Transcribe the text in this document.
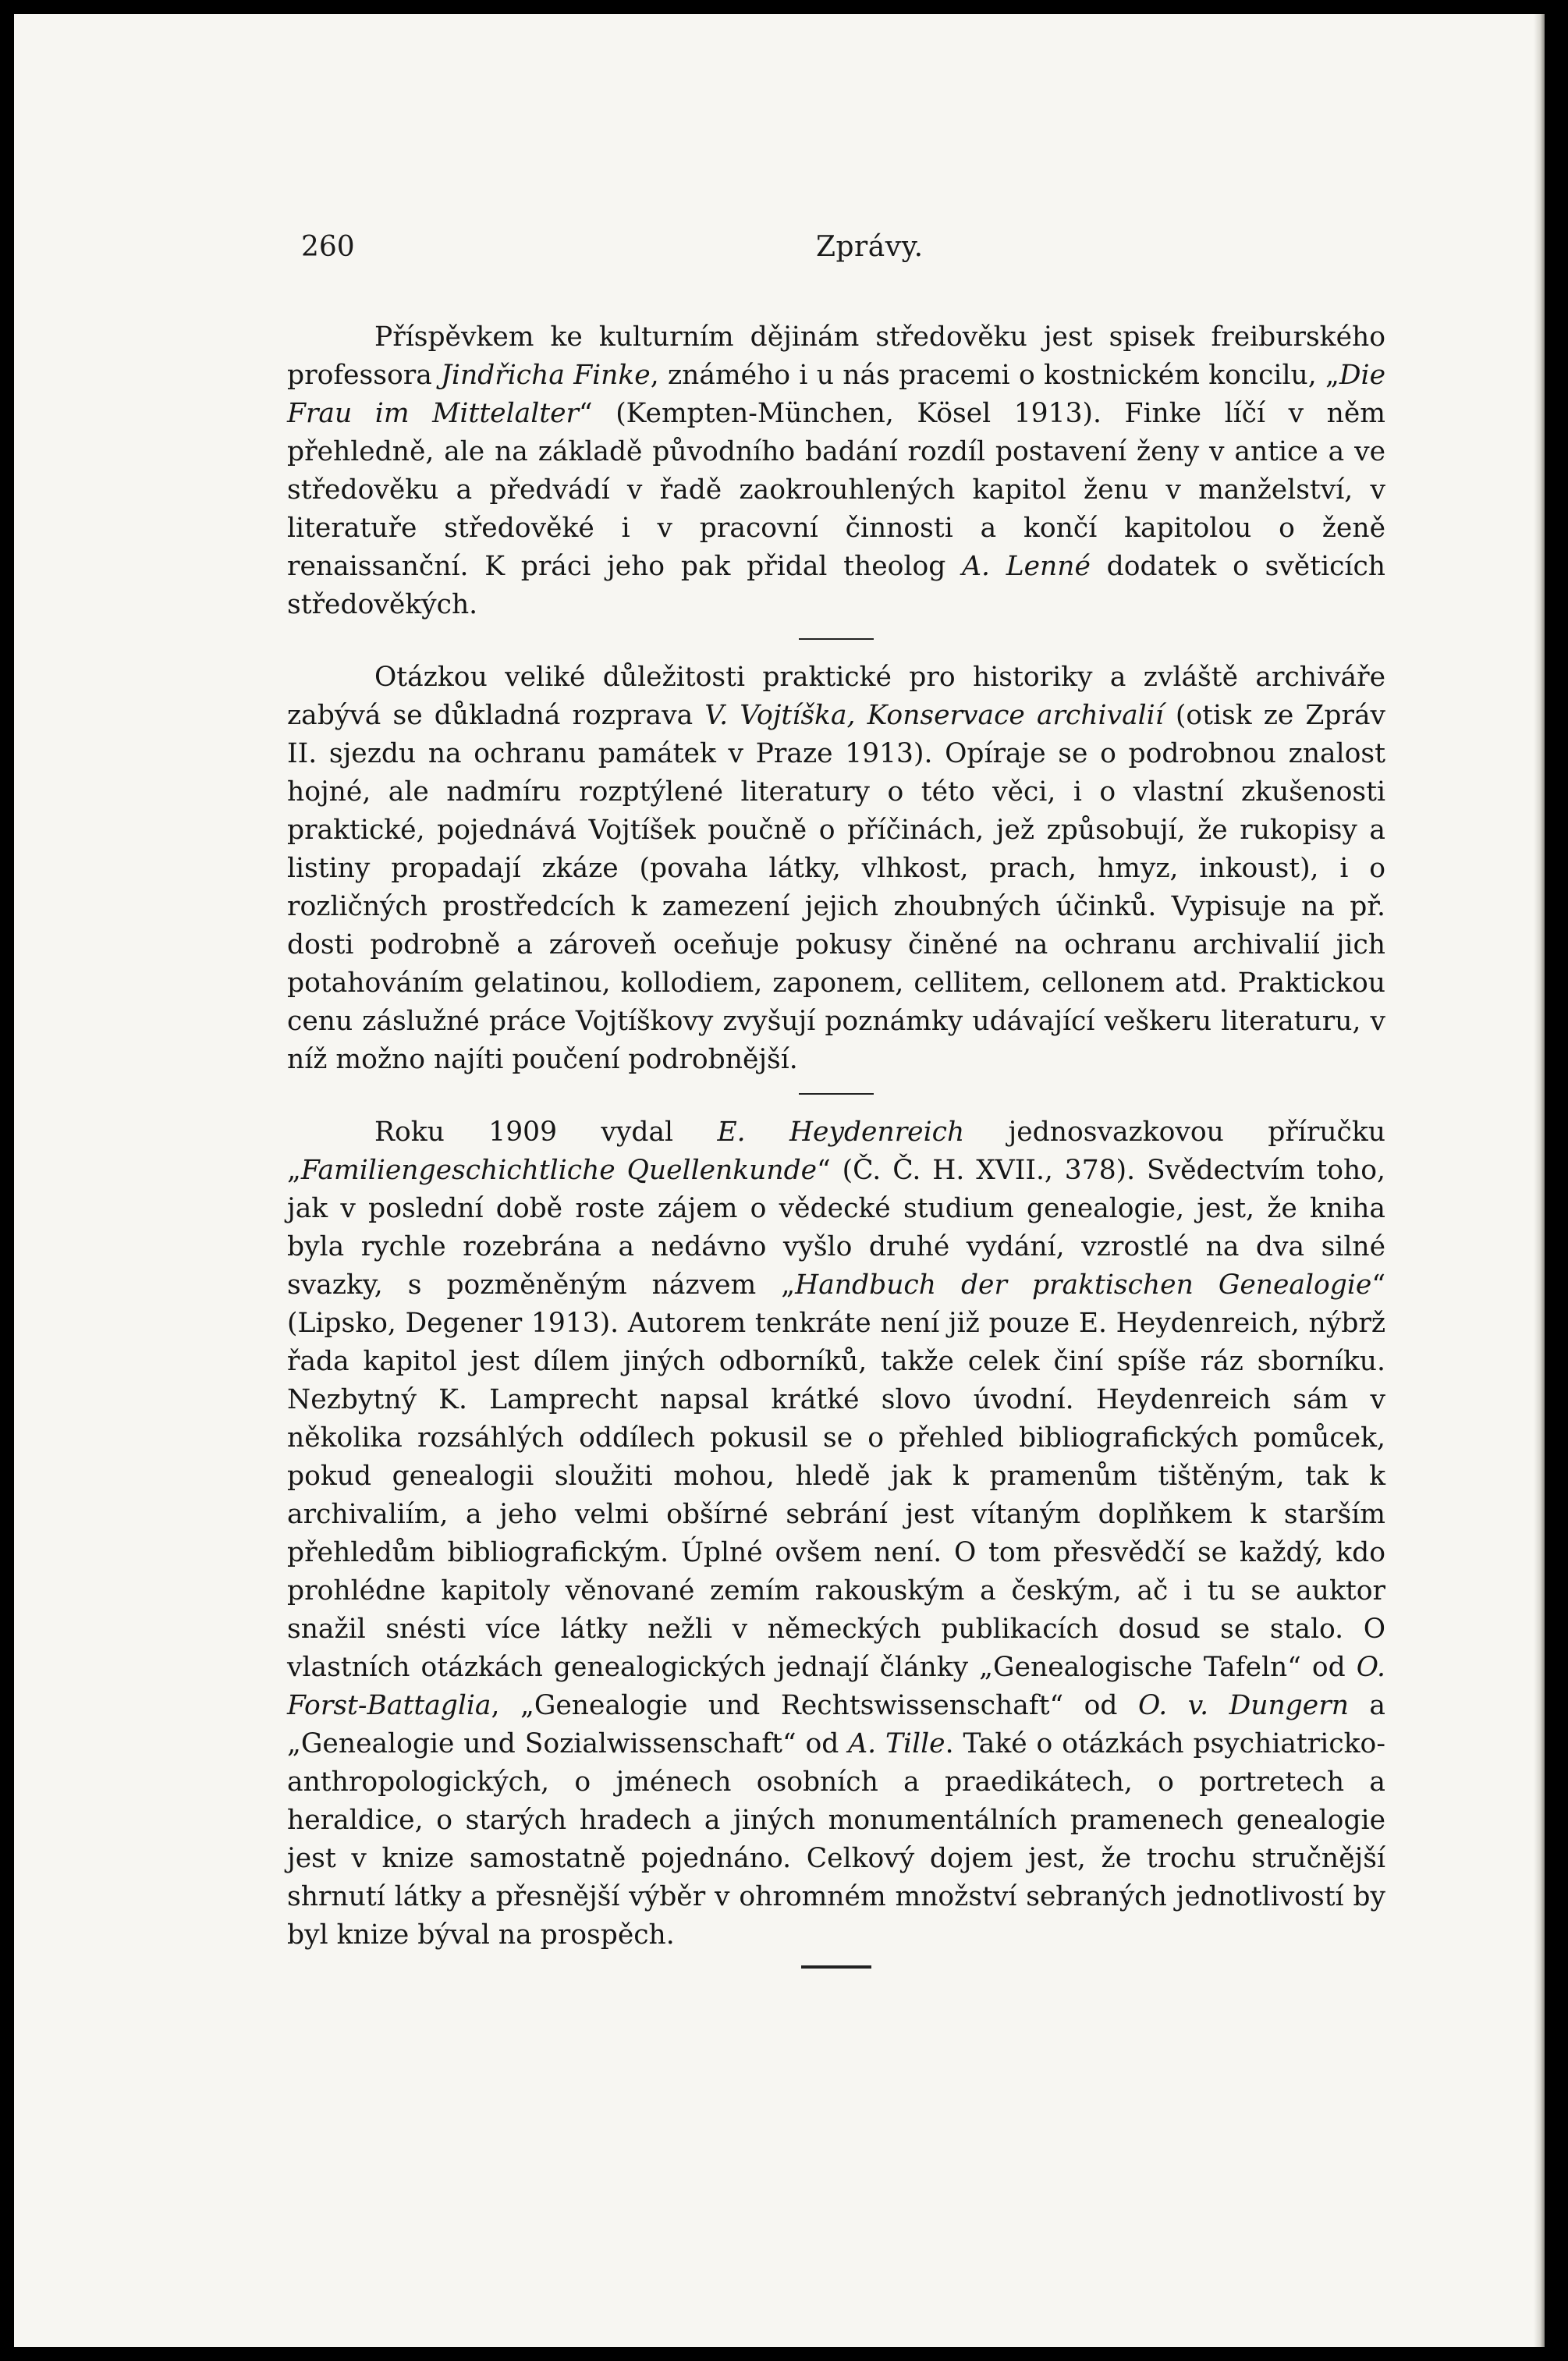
260	Zprávy.

Příspěvkem ke kulturním dějinám středověku jest spisek freiburského professora Jindřicha Finke, známého i u nás pracemi o kostnickém koncilu, „Die Frau im Mittelalter“ (Kempten-München, Kösel 1913). Finke líčí v něm přehledně, ale na základě původního badání rozdíl postavení ženy v antice a ve středověku a předvádí v řadě zaokrouhlených kapitol ženu v manželství, v literatuře středověké i v pracovní činnosti a končí kapitolou o ženě renaissanční. K práci jeho pak přidal theolog A. Lenné dodatek o světicích středověkých.

Otázkou veliké důležitosti praktické pro historiky a zvláště archiváře zabývá se důkladná rozprava V. Vojtíška, Konservace archivalií (otisk ze Zpráv II. sjezdu na ochranu památek v Praze 1913). Opíraje se o podrobnou znalost hojné, ale nadmíru rozptýlené literatury o této věci, i o vlastní zkušenosti praktické, pojednává Vojtíšek poučně o příčinách, jež způsobují, že rukopisy a listiny propadají zkáze (povaha látky, vlhkost, prach, hmyz, inkoust), i o rozličných prostředcích k zamezení jejich zhoubných účinků. Vypisuje na př. dosti podrobně a zároveň oceňuje pokusy činěné na ochranu archivalií jich potahováním gelatinou, kollodiem, zaponem, cellitem, cellonem atd. Praktickou cenu záslužné práce Vojtíškovy zvyšují poznámky udávající veškeru literaturu, v níž možno najíti poučení podrobnější.

Roku 1909 vydal E. Heydenreich jednosvazkovou příručku „Familiengeschichtliche Quellenkunde“ (Č. Č. H. XVII., 378). Svědectvím toho, jak v poslední době roste zájem o vědecké studium genealogie, jest, že kniha byla rychle rozebrána a nedávno vyšlo druhé vydání, vzrostlé na dva silné svazky, s pozměněným názvem „Handbuch der praktischen Genealogie“ (Lipsko, Degener 1913). Autorem tenkráte není již pouze E. Heydenreich, nýbrž řada kapitol jest dílem jiných odborníků, takže celek činí spíše ráz sborníku. Nezbytný K. Lamprecht napsal krátké slovo úvodní. Heydenreich sám v několika rozsáhlých oddílech pokusil se o přehled bibliografických pomůcek, pokud genealogii sloužiti mohou, hledě jak k pramenům tištěným, tak k archivaliím, a jeho velmi obšírné sebrání jest vítaným doplňkem k starším přehledům bibliografickým. Úplné ovšem není. O tom přesvědčí se každý, kdo prohlédne kapitoly věnované zemím rakouským a českým, ač i tu se auktor snažil snésti více látky nežli v německých publikacích dosud se stalo. O vlastních otázkách genealogických jednají články „Genealogische Tafeln“ od O. Forst-Battaglia, „Genealogie und Rechtswissenschaft“ od O. v. Dungern a „Genealogie und Sozialwissenschaft“ od A. Tille. Také o otázkách psychiatricko-anthropologických, o jménech osobních a praedikátech, o portretech a heraldice, o starých hradech a jiných monumentálních pramenech genealogie jest v knize samostatně pojednáno. Celkový dojem jest, že trochu stručnější shrnutí látky a přesnější výběr v ohromném množství sebraných jednotlivostí by byl knize býval na prospěch.
